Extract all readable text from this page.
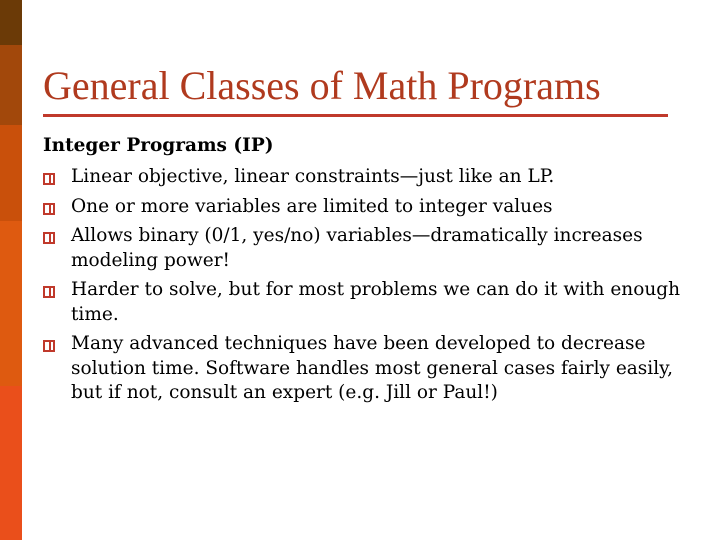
General Classes of Math Programs
Integer Programs (IP)
Linear objective, linear constraints—just like an LP.
One or more variables are limited to integer values
Allows binary (0/1, yes/no) variables—dramatically increases modeling power!
Harder to solve, but for most problems we can do it with enough time.
Many advanced techniques have been developed to decrease solution time. Software handles most general cases fairly easily, but if not, consult an expert (e.g. Jill or Paul!)
